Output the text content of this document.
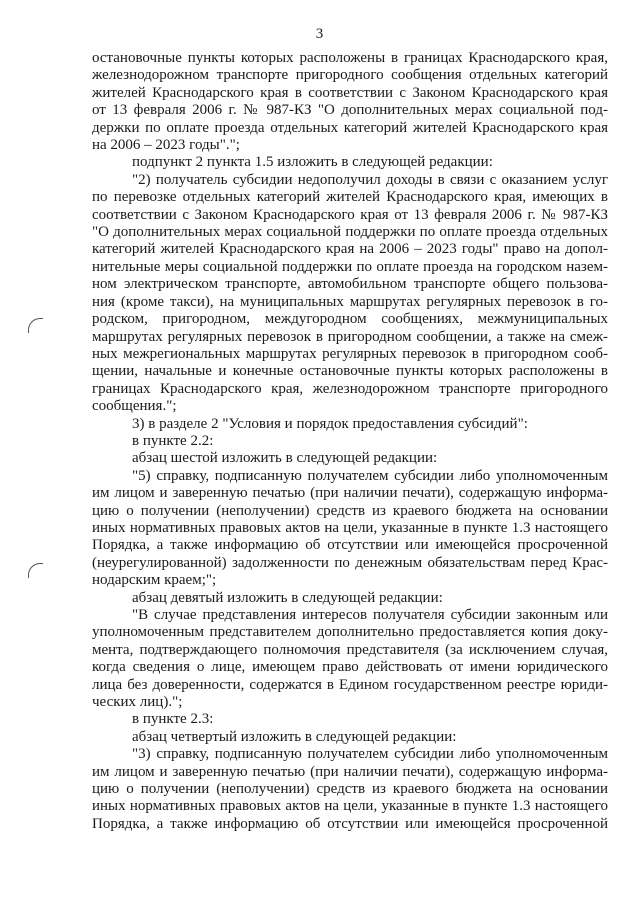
3

остановочные пункты которых расположены в границах Краснодарского края,

железнодорожном транспорте пригородного сообщения отдельных категорий

жителей Краснодарского края в соответствии с Законом Краснодарского края

от 13 февраля 2006 г. № 987-КЗ "О дополнительных мерах социальной под-

держки по оплате проезда отдельных категорий жителей Краснодарского края

на 2006 – 2023 годы".";

подпункт 2 пункта 1.5 изложить в следующей редакции:

"2) получатель субсидии недополучил доходы в связи с оказанием услуг

по перевозке отдельных категорий жителей Краснодарского края, имеющих в

соответствии с Законом Краснодарского края от 13 февраля 2006 г. № 987-КЗ

"О дополнительных мерах социальной поддержки по оплате проезда отдельных

категорий жителей Краснодарского края на 2006 – 2023 годы" право на допол-

нительные меры социальной поддержки по оплате проезда на городском назем-

ном электрическом транспорте, автомобильном транспорте общего пользова-

ния (кроме такси), на муниципальных маршрутах регулярных перевозок в го-

родском, пригородном, междугородном сообщениях, межмуниципальных

маршрутах регулярных перевозок в пригородном сообщении, а также на смеж-

ных межрегиональных маршрутах регулярных перевозок в пригородном сооб-

щении, начальные и конечные остановочные пункты которых расположены в

границах Краснодарского края, железнодорожном транспорте пригородного

сообщения.";

3) в разделе 2 "Условия и порядок предоставления субсидий":

в пункте 2.2:

абзац шестой изложить в следующей редакции:

"5) справку, подписанную получателем субсидии либо уполномоченным

им лицом и заверенную печатью (при наличии печати), содержащую информа-

цию о получении (неполучении) средств из краевого бюджета на основании

иных нормативных правовых актов на цели, указанные в пункте 1.3 настоящего

Порядка, а также информацию об отсутствии или имеющейся просроченной

(неурегулированной) задолженности по денежным обязательствам перед Крас-

нодарским краем;";

абзац девятый изложить в следующей редакции:

"В случае представления интересов получателя субсидии законным или

уполномоченным представителем дополнительно предоставляется копия доку-

мента, подтверждающего полномочия представителя (за исключением случая,

когда сведения о лице, имеющем право действовать от имени юридического

лица без доверенности, содержатся в Едином государственном реестре юриди-

ческих лиц).";

в пункте 2.3:

абзац четвертый изложить в следующей редакции:

"3) справку, подписанную получателем субсидии либо уполномоченным

им лицом и заверенную печатью (при наличии печати), содержащую информа-

цию о получении (неполучении) средств из краевого бюджета на основании

иных нормативных правовых актов на цели, указанные в пункте 1.3 настоящего

Порядка, а также информацию об отсутствии или имеющейся просроченной
